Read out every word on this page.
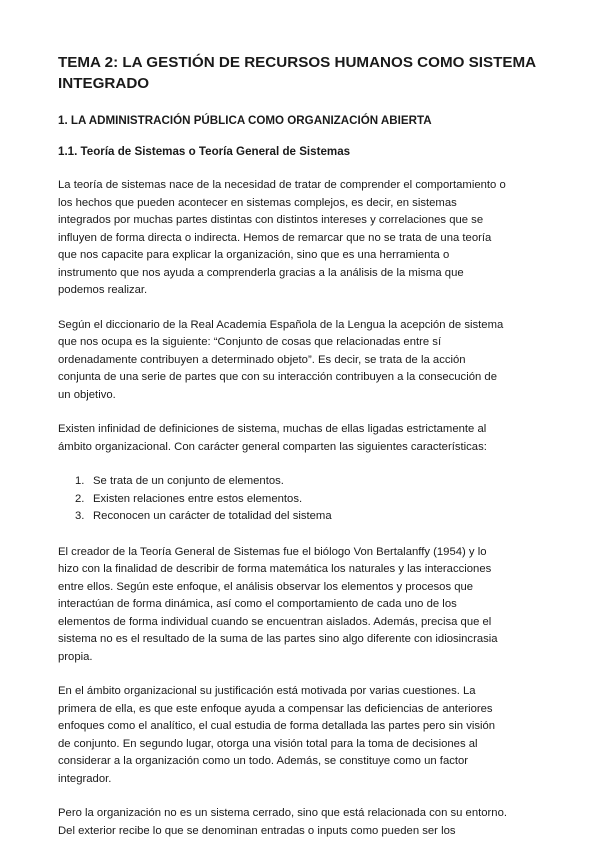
TEMA 2: LA GESTIÓN DE RECURSOS HUMANOS COMO SISTEMA
INTEGRADO
1. LA ADMINISTRACIÓN PÚBLICA COMO ORGANIZACIÓN ABIERTA
1.1. Teoría de Sistemas o Teoría General de Sistemas
La teoría de sistemas nace de la necesidad de tratar de comprender el comportamiento o
los hechos que pueden acontecer en sistemas complejos, es decir, en sistemas
integrados por muchas partes distintas con distintos intereses y correlaciones que se
influyen de forma directa o indirecta. Hemos de remarcar que no se trata de una teoría
que nos capacite para explicar la organización, sino que es una herramienta o
instrumento que nos ayuda a comprenderla gracias a la análisis de la misma que
podemos realizar.
Según el diccionario de la Real Academia Española de la Lengua la acepción de sistema
que nos ocupa es la siguiente: “Conjunto de cosas que relacionadas entre sí
ordenadamente contribuyen a determinado objeto”. Es decir, se trata de la acción
conjunta de una serie de partes que con su interacción contribuyen a la consecución de
un objetivo.
Existen infinidad de definiciones de sistema, muchas de ellas ligadas estrictamente al
ámbito organizacional. Con carácter general comparten las siguientes características:
1. Se trata de un conjunto de elementos.
2. Existen relaciones entre estos elementos.
3. Reconocen un carácter de totalidad del sistema
El creador de la Teoría General de Sistemas fue el biólogo Von Bertalanffy (1954) y lo
hizo con la finalidad de describir de forma matemática los naturales y las interacciones
entre ellos. Según este enfoque, el análisis observar los elementos y procesos que
interactúan de forma dinámica, así como el comportamiento de cada uno de los
elementos de forma individual cuando se encuentran aislados. Además, precisa que el
sistema no es el resultado de la suma de las partes sino algo diferente con idiosincrasia
propia.
En el ámbito organizacional su justificación está motivada por varias cuestiones. La
primera de ella, es que este enfoque ayuda a compensar las deficiencias de anteriores
enfoques como el analítico, el cual estudia de forma detallada las partes pero sin visión
de conjunto. En segundo lugar, otorga una visión total para la toma de decisiones al
considerar a la organización como un todo. Además, se constituye como un factor
integrador.
Pero la organización no es un sistema cerrado, sino que está relacionada con su entorno.
Del exterior recibe lo que se denominan entradas o inputs como pueden ser los
